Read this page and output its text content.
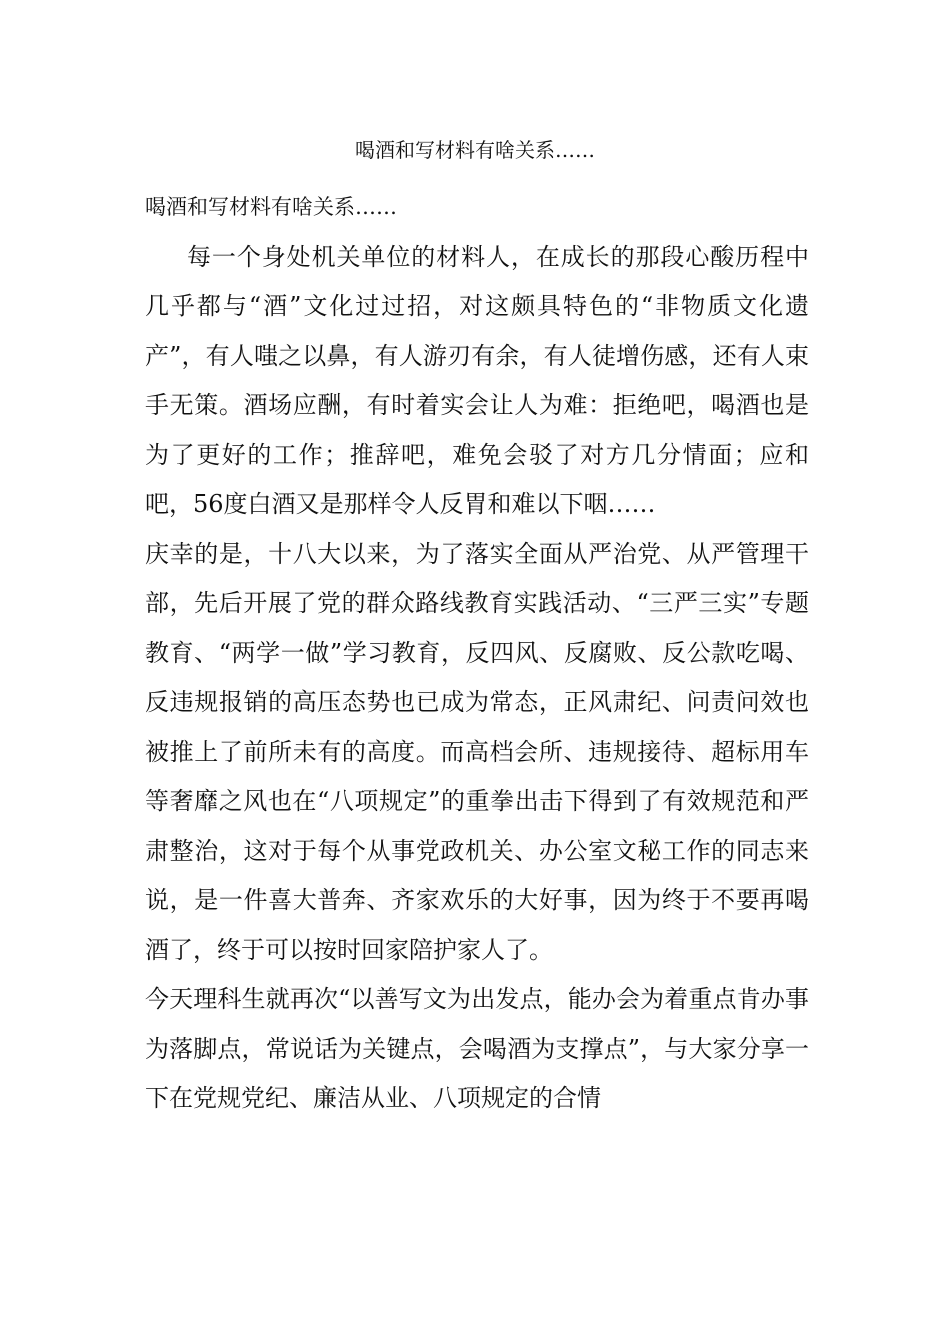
喝酒和写材料有啥关系……

喝酒和写材料有啥关系……

每一个身处机关单位的材料人，在成长的那段心酸历程中几乎都与“酒”文化过过招，对这颇具特色的“非物质文化遗产”，有人嗤之以鼻，有人游刃有余，有人徒增伤感，还有人束手无策。酒场应酬，有时着实会让人为难：拒绝吧，喝酒也是为了更好的工作；推辞吧，难免会驳了对方几分情面；应和吧，56度白酒又是那样令人反胃和难以下咽……

庆幸的是，十八大以来，为了落实全面从严治党、从严管理干部，先后开展了党的群众路线教育实践活动、“三严三实”专题教育、“两学一做”学习教育，反四风、反腐败、反公款吃喝、反违规报销的高压态势也已成为常态，正风肃纪、问责问效也被推上了前所未有的高度。而高档会所、违规接待、超标用车等奢靡之风也在“八项规定”的重拳出击下得到了有效规范和严肃整治，这对于每个从事党政机关、办公室文秘工作的同志来说，是一件喜大普奔、齐家欢乐的大好事，因为终于不要再喝酒了，终于可以按时回家陪护家人了。

今天理科生就再次“以善写文为出发点，能办会为着重点肯办事为落脚点，常说话为关键点，会喝酒为支撑点”，与大家分享一下在党规党纪、廉洁从业、八项规定的合情
